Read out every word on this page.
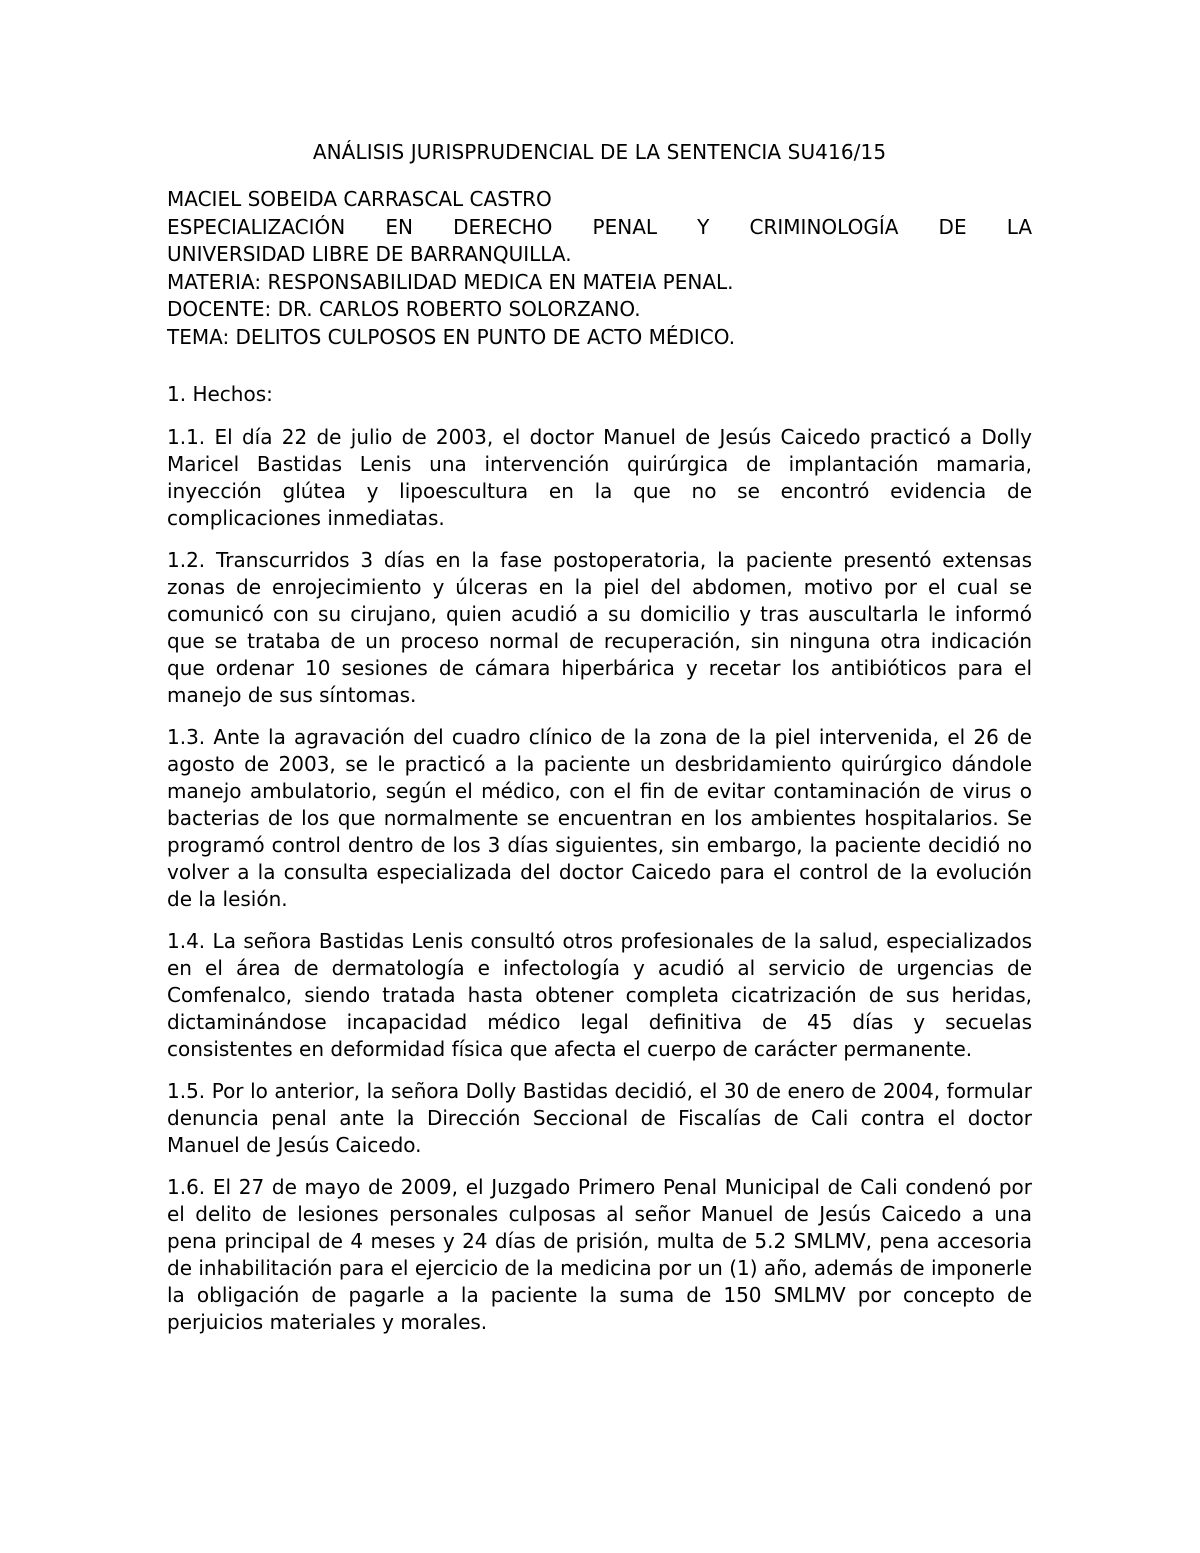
ANÁLISIS JURISPRUDENCIAL DE LA SENTENCIA SU416/15

MACIEL SOBEIDA CARRASCAL CASTRO

ESPECIALIZACIÓN EN DERECHO PENAL Y CRIMINOLOGÍA DE LA

UNIVERSIDAD LIBRE DE BARRANQUILLA.

MATERIA: RESPONSABILIDAD MEDICA EN MATEIA PENAL.

DOCENTE: DR. CARLOS ROBERTO SOLORZANO.

TEMA: DELITOS CULPOSOS EN PUNTO DE ACTO MÉDICO.

1. Hechos:

1.1. El día 22 de julio de 2003, el doctor Manuel de Jesús Caicedo practicó a Dolly Maricel Bastidas Lenis una intervención quirúrgica de implantación mamaria, inyección glútea y lipoescultura en la que no se encontró evidencia de complicaciones inmediatas.

1.2. Transcurridos 3 días en la fase postoperatoria, la paciente presentó extensas zonas de enrojecimiento y úlceras en la piel del abdomen, motivo por el cual se comunicó con su cirujano, quien acudió a su domicilio y tras auscultarla le informó que se trataba de un proceso normal de recuperación, sin ninguna otra indicación que ordenar 10 sesiones de cámara hiperbárica y recetar los antibióticos para el manejo de sus síntomas.

1.3. Ante la agravación del cuadro clínico de la zona de la piel intervenida, el 26 de agosto de 2003, se le practicó a la paciente un desbridamiento quirúrgico dándole manejo ambulatorio, según el médico, con el fin de evitar contaminación de virus o bacterias de los que normalmente se encuentran en los ambientes hospitalarios. Se programó control dentro de los 3 días siguientes, sin embargo, la paciente decidió no volver a la consulta especializada del doctor Caicedo para el control de la evolución de la lesión.

1.4. La señora Bastidas Lenis consultó otros profesionales de la salud, especializados en el área de dermatología e infectología y acudió al servicio de urgencias de Comfenalco, siendo tratada hasta obtener completa cicatrización de sus heridas, dictaminándose incapacidad médico legal definitiva de 45 días y secuelas consistentes en deformidad física que afecta el cuerpo de carácter permanente.

1.5. Por lo anterior, la señora Dolly Bastidas decidió, el 30 de enero de 2004, formular denuncia penal ante la Dirección Seccional de Fiscalías de Cali contra el doctor Manuel de Jesús Caicedo.

1.6. El 27 de mayo de 2009, el Juzgado Primero Penal Municipal de Cali condenó por el delito de lesiones personales culposas al señor Manuel de Jesús Caicedo a una pena principal de 4 meses y 24 días de prisión, multa de 5.2 SMLMV, pena accesoria de inhabilitación para el ejercicio de la medicina por un (1) año, además de imponerle la obligación de pagarle a la paciente la suma de 150 SMLMV por concepto de perjuicios materiales y morales.
